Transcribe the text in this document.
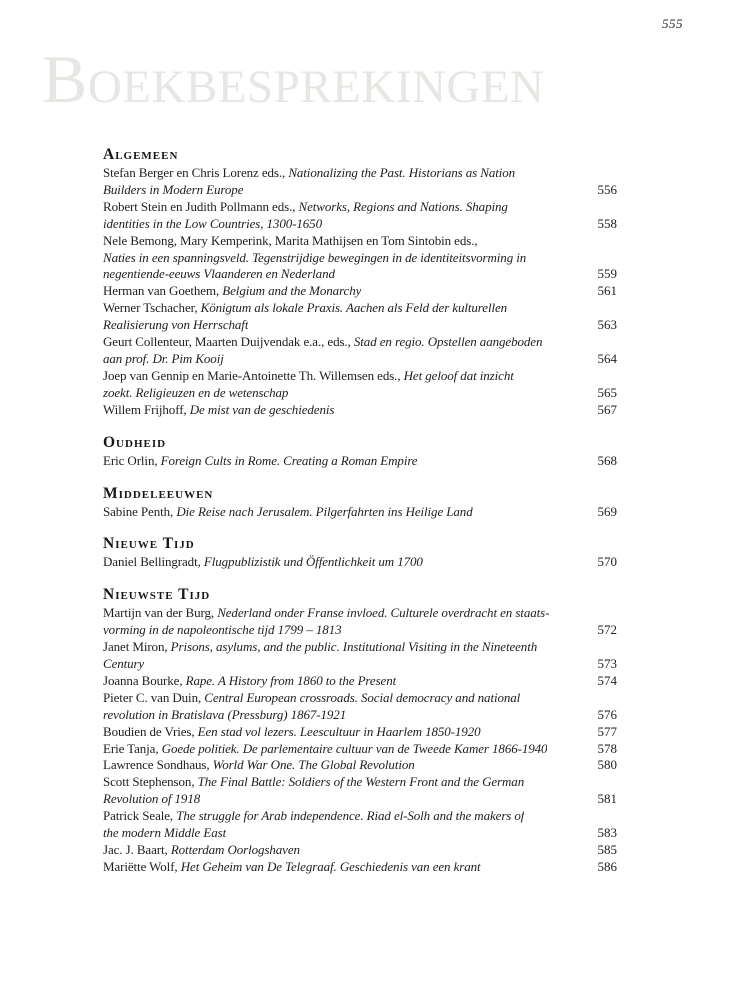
555
BOEKBESPREKINGEN
Algemeen
Stefan Berger en Chris Lorenz eds., Nationalizing the Past. Historians as Nation
Builders in Modern Europe	556
Robert Stein en Judith Pollmann eds., Networks, Regions and Nations. Shaping
identities in the Low Countries, 1300-1650	558
Nele Bemong, Mary Kemperink, Marita Mathijsen en Tom Sintobin eds.,
Naties in een spanningsveld. Tegenstrijdige bewegingen in de identiteitsvorming in
negentiende-eeuws Vlaanderen en Nederland	559
Herman van Goethem, Belgium and the Monarchy	561
Werner Tschacher, Königtum als lokale Praxis. Aachen als Feld der kulturellen
Realisierung von Herrschaft	563
Geurt Collenteur, Maarten Duijvendak e.a., eds., Stad en regio. Opstellen aangeboden
aan prof. Dr. Pim Kooij	564
Joep van Gennip en Marie-Antoinette Th. Willemsen eds., Het geloof dat inzicht
zoekt. Religieuzen en de wetenschap	565
Willem Frijhoff, De mist van de geschiedenis	567
Oudheid
Eric Orlin, Foreign Cults in Rome. Creating a Roman Empire	568
Middeleeuwen
Sabine Penth, Die Reise nach Jerusalem. Pilgerfahrten ins Heilige Land	569
Nieuwe Tijd
Daniel Bellingradt, Flugpublizistik und Öffentlichkeit um 1700	570
Nieuwste Tijd
Martijn van der Burg, Nederland onder Franse invloed. Culturele overdracht en staats-
vorming in de napoleontische tijd 1799 – 1813	572
Janet Miron, Prisons, asylums, and the public. Institutional Visiting in the Nineteenth
Century	573
Joanna Bourke, Rape. A History from 1860 to the Present	574
Pieter C. van Duin, Central European crossroads. Social democracy and national
revolution in Bratislava (Pressburg) 1867-1921	576
Boudien de Vries, Een stad vol lezers. Leescultuur in Haarlem 1850-1920	577
Erie Tanja, Goede politiek. De parlementaire cultuur van de Tweede Kamer 1866-1940	578
Lawrence Sondhaus, World War One. The Global Revolution	580
Scott Stephenson, The Final Battle: Soldiers of the Western Front and the German
Revolution of 1918	581
Patrick Seale, The struggle for Arab independence. Riad el-Solh and the makers of
the modern Middle East	583
Jac. J. Baart, Rotterdam Oorlogshaven	585
Mariëtte Wolf, Het Geheim van De Telegraaf. Geschiedenis van een krant	586
